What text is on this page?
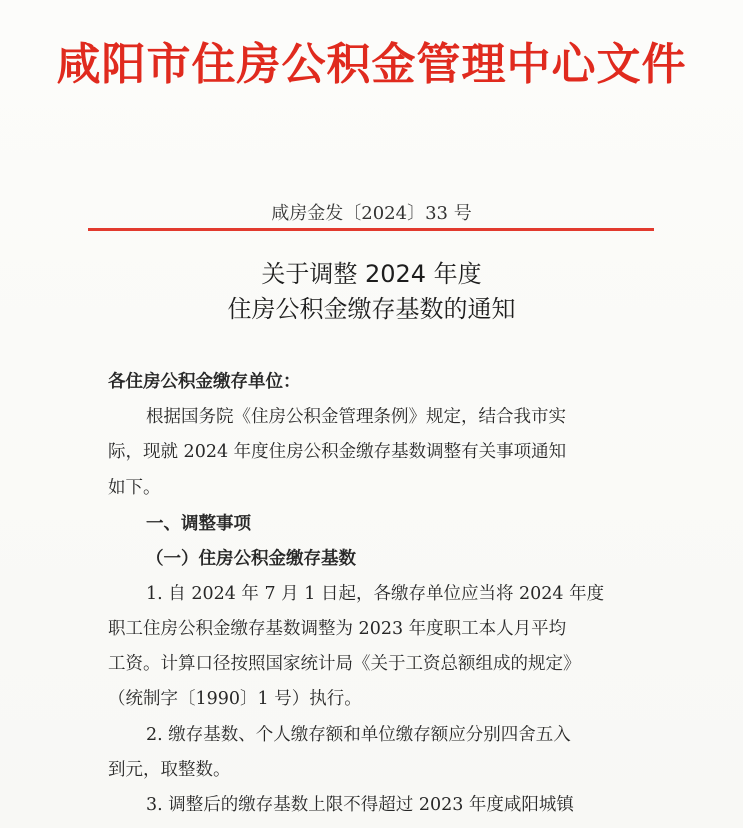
咸阳市住房公积金管理中心文件
咸房金发〔2024〕33 号
关于调整 2024 年度
住房公积金缴存基数的通知
各住房公积金缴存单位：
根据国务院《住房公积金管理条例》规定，结合我市实
际，现就 2024 年度住房公积金缴存基数调整有关事项通知
如下。
一、调整事项
（一）住房公积金缴存基数
1. 自 2024 年 7 月 1 日起，各缴存单位应当将 2024 年度
职工住房公积金缴存基数调整为 2023 年度职工本人月平均
工资。计算口径按照国家统计局《关于工资总额组成的规定》
（统制字〔1990〕1 号）执行。
2. 缴存基数、个人缴存额和单位缴存额应分别四舍五入
到元，取整数。
3. 调整后的缴存基数上限不得超过 2023 年度咸阳城镇
